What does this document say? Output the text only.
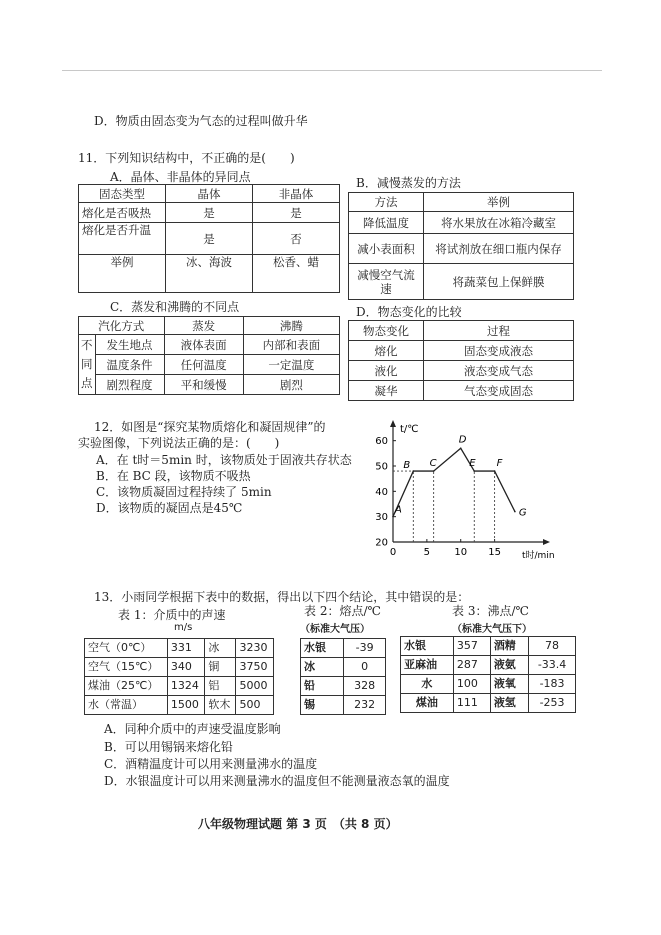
D．物质由固态变为气态的过程叫做升华
11．下列知识结构中，不正确的是(　　)
A．晶体、非晶体的异同点
固态类型	晶体	非晶体
熔化是否吸热	是	是
熔化是否升温	是	否
举例	冰、海波	松香、蜡
B．减慢蒸发的方法
方法	举例
降低温度	将水果放在冰箱冷藏室
减小表面积	将试剂放在细口瓶内保存
减慢空气流速	将蔬菜包上保鲜膜
C．蒸发和沸腾的不同点
汽化方式		蒸发	沸腾
不同点	发生地点	液体表面	内部和表面
	温度条件	任何温度	一定温度
	剧烈程度	平和缓慢	剧烈
D．物态变化的比较
物态变化	过程
熔化	固态变成液态
液化	液态变成气态
凝华	气态变成固态
12．如图是“探究某物质熔化和凝固规律”的
实验图像，下列说法正确的是：(　　)
A．在 t时＝5min 时，该物质处于固液共存状态
B．在 BC 段，该物质不吸热
C．该物质凝固过程持续了 5min
D．该物质的凝固点是45℃
t/℃
t时/min
0	5 10 15
20
30
40
50
60
A
B C
D
E F
G
13．小雨同学根据下表中的数据，得出以下四个结论，其中错误的是：
表 1：介质中的声速
m/s
表 2：熔点/℃
（标准大气压）
表 3：沸点/℃
（标准大气压下）
空气（0℃）	331	冰	3230
空气（15℃）	340	铜	3750
煤油（25℃）	1324	铝	5000
水（常温）	1500	软木	500
水银	-39
冰	0
铅	328
锡	232
水银	357	酒精	78
亚麻油	287	液氨	-33.4
水	100	液氧	-183
煤油	111	液氢	-253
A．同种介质中的声速受温度影响
B．可以用锡锅来熔化铅
C．酒精温度计可以用来测量沸水的温度
D．水银温度计可以用来测量沸水的温度但不能测量液态氧的温度
八年级物理试题 第 3 页　（共 8 页）
